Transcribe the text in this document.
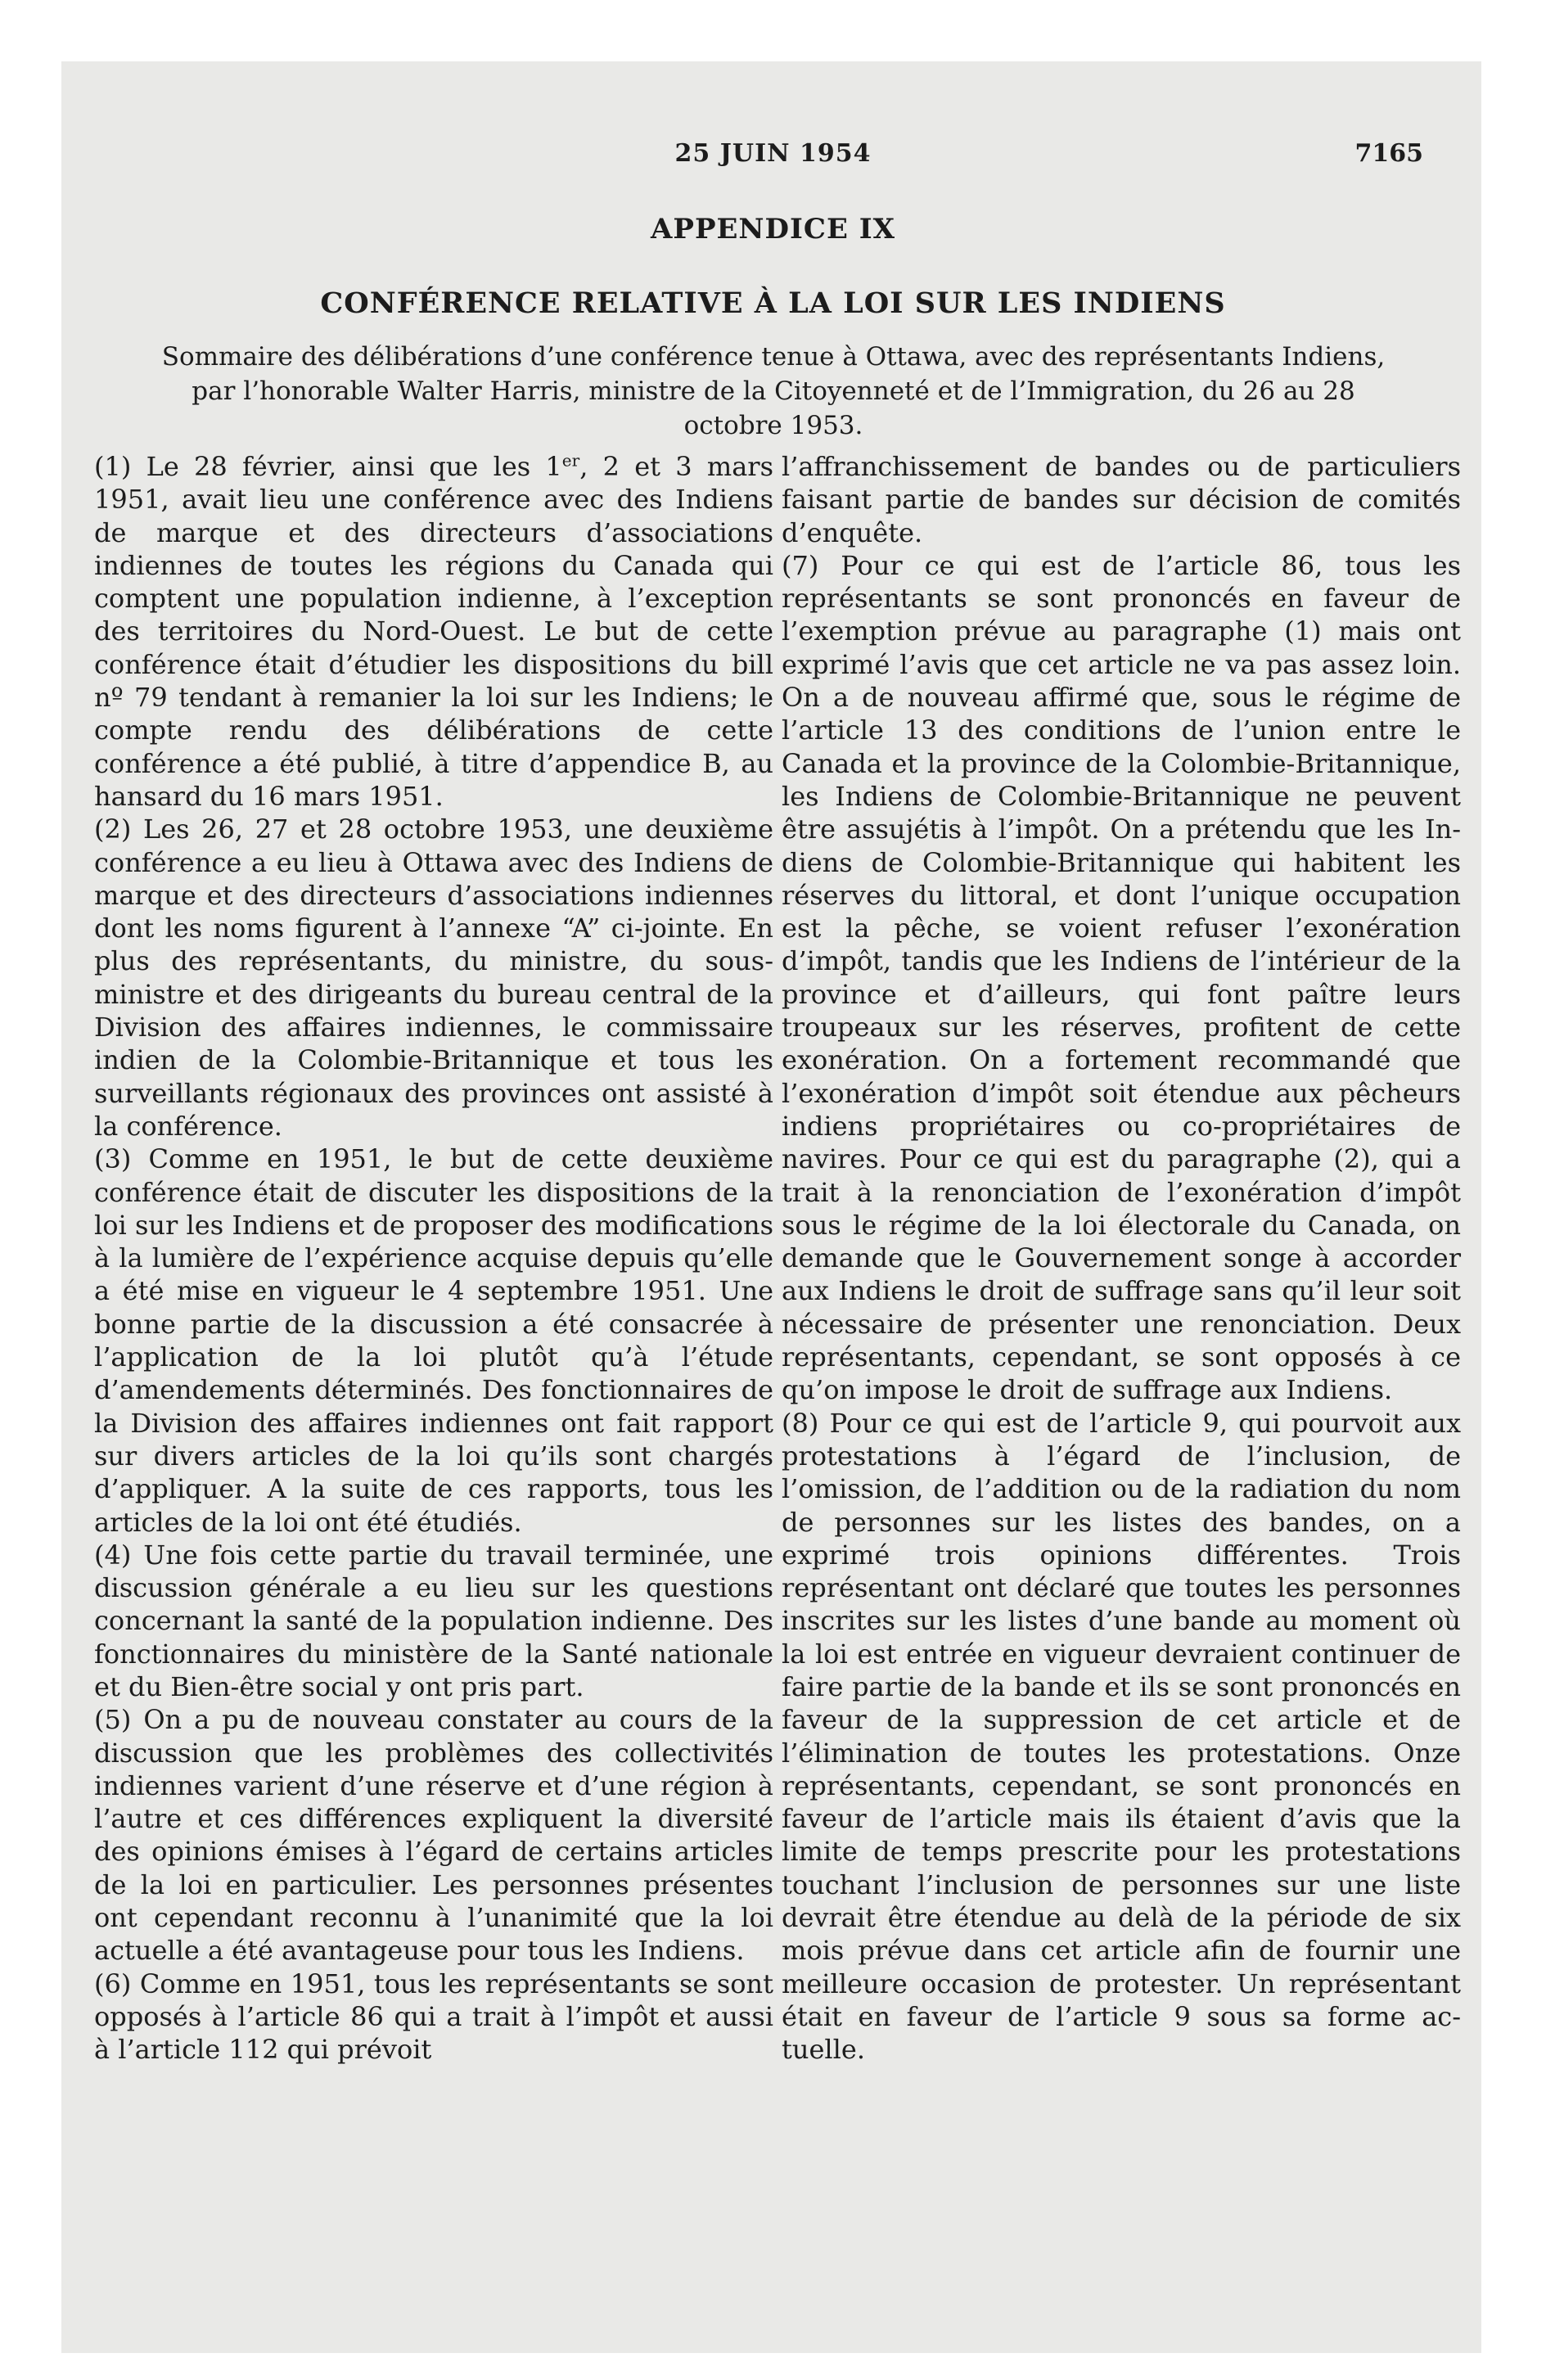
25 JUIN 1954	7165
APPENDICE IX
CONFÉRENCE RELATIVE À LA LOI SUR LES INDIENS
Sommaire des délibérations d’une conférence tenue à Ottawa, avec des représentants Indiens, par l’honorable Walter Harris, ministre de la Citoyenneté et de l’Immigration, du 26 au 28 octobre 1953.

(1) Le 28 février, ainsi que les 1er, 2 et 3 mars 1951, avait lieu une conférence avec des Indiens de marque et des directeurs d’associations indiennes de toutes les régions du Canada qui comptent une population indienne, à l’exception des territoires du Nord-Ouest. Le but de cette conférence était d’étudier les dispositions du bill nº 79 tendant à remanier la loi sur les Indiens; le compte rendu des délibérations de cette conférence a été publié, à titre d’appendice B, au hansard du 16 mars 1951.

(2) Les 26, 27 et 28 octobre 1953, une deuxième conférence a eu lieu à Ottawa avec des Indiens de marque et des directeurs d’associations indiennes dont les noms figurent à l’annexe “A” ci-jointe. En plus des représentants, du ministre, du sous-ministre et des dirigeants du bureau central de la Division des affaires indiennes, le commissaire indien de la Colombie-Britannique et tous les surveillants régionaux des provinces ont assisté à la conférence.

(3) Comme en 1951, le but de cette deuxième conférence était de discuter les dispositions de la loi sur les Indiens et de proposer des modifications à la lumière de l’expérience acquise depuis qu’elle a été mise en vigueur le 4 septembre 1951. Une bonne partie de la discussion a été consacrée à l’application de la loi plutôt qu’à l’étude d’amendements déterminés. Des fonctionnaires de la Division des affaires indiennes ont fait rapport sur divers articles de la loi qu’ils sont chargés d’appliquer. A la suite de ces rapports, tous les articles de la loi ont été étudiés.

(4) Une fois cette partie du travail terminée, une discussion générale a eu lieu sur les questions concernant la santé de la population indienne. Des fonctionnaires du ministère de la Santé nationale et du Bien-être social y ont pris part.

(5) On a pu de nouveau constater au cours de la discussion que les problèmes des collectivités indiennes varient d’une réserve et d’une région à l’autre et ces différences expliquent la diversité des opinions émises à l’égard de certains articles de la loi en particulier. Les personnes présentes ont cependant reconnu à l’unanimité que la loi actuelle a été avantageuse pour tous les Indiens.

(6) Comme en 1951, tous les représentants se sont opposés à l’article 86 qui a trait à l’impôt et aussi à l’article 112 qui prévoit

l’affranchissement de bandes ou de particuliers faisant partie de bandes sur décision de comités d’enquête.

(7) Pour ce qui est de l’article 86, tous les représentants se sont prononcés en faveur de l’exemption prévue au paragraphe (1) mais ont exprimé l’avis que cet article ne va pas assez loin. On a de nouveau affirmé que, sous le régime de l’article 13 des conditions de l’union entre le Canada et la province de la Colombie-Britannique, les Indiens de Colombie-Britannique ne peuvent être assujétis à l’impôt. On a prétendu que les Indiens de Colombie-Britannique qui habitent les réserves du littoral, et dont l’unique occupation est la pêche, se voient refuser l’exonération d’impôt, tandis que les Indiens de l’intérieur de la province et d’ailleurs, qui font paître leurs troupeaux sur les réserves, profitent de cette exonération. On a fortement recommandé que l’exonération d’impôt soit étendue aux pêcheurs indiens propriétaires ou co-propriétaires de navires. Pour ce qui est du paragraphe (2), qui a trait à la renonciation de l’exonération d’impôt sous le régime de la loi électorale du Canada, on demande que le Gouvernement songe à accorder aux Indiens le droit de suffrage sans qu’il leur soit nécessaire de présenter une renonciation. Deux représentants, cependant, se sont opposés à ce qu’on impose le droit de suffrage aux Indiens.

(8) Pour ce qui est de l’article 9, qui pourvoit aux protestations à l’égard de l’inclusion, de l’omission, de l’addition ou de la radiation du nom de personnes sur les listes des bandes, on a exprimé trois opinions différentes. Trois représentant ont déclaré que toutes les personnes inscrites sur les listes d’une bande au moment où la loi est entrée en vigueur devraient continuer de faire partie de la bande et ils se sont prononcés en faveur de la suppression de cet article et de l’élimination de toutes les protestations. Onze représentants, cependant, se sont prononcés en faveur de l’article mais ils étaient d’avis que la limite de temps prescrite pour les protestations touchant l’inclusion de personnes sur une liste devrait être étendue au delà de la période de six mois prévue dans cet article afin de fournir une meilleure occasion de protester. Un représentant était en faveur de l’article 9 sous sa forme actuelle.
